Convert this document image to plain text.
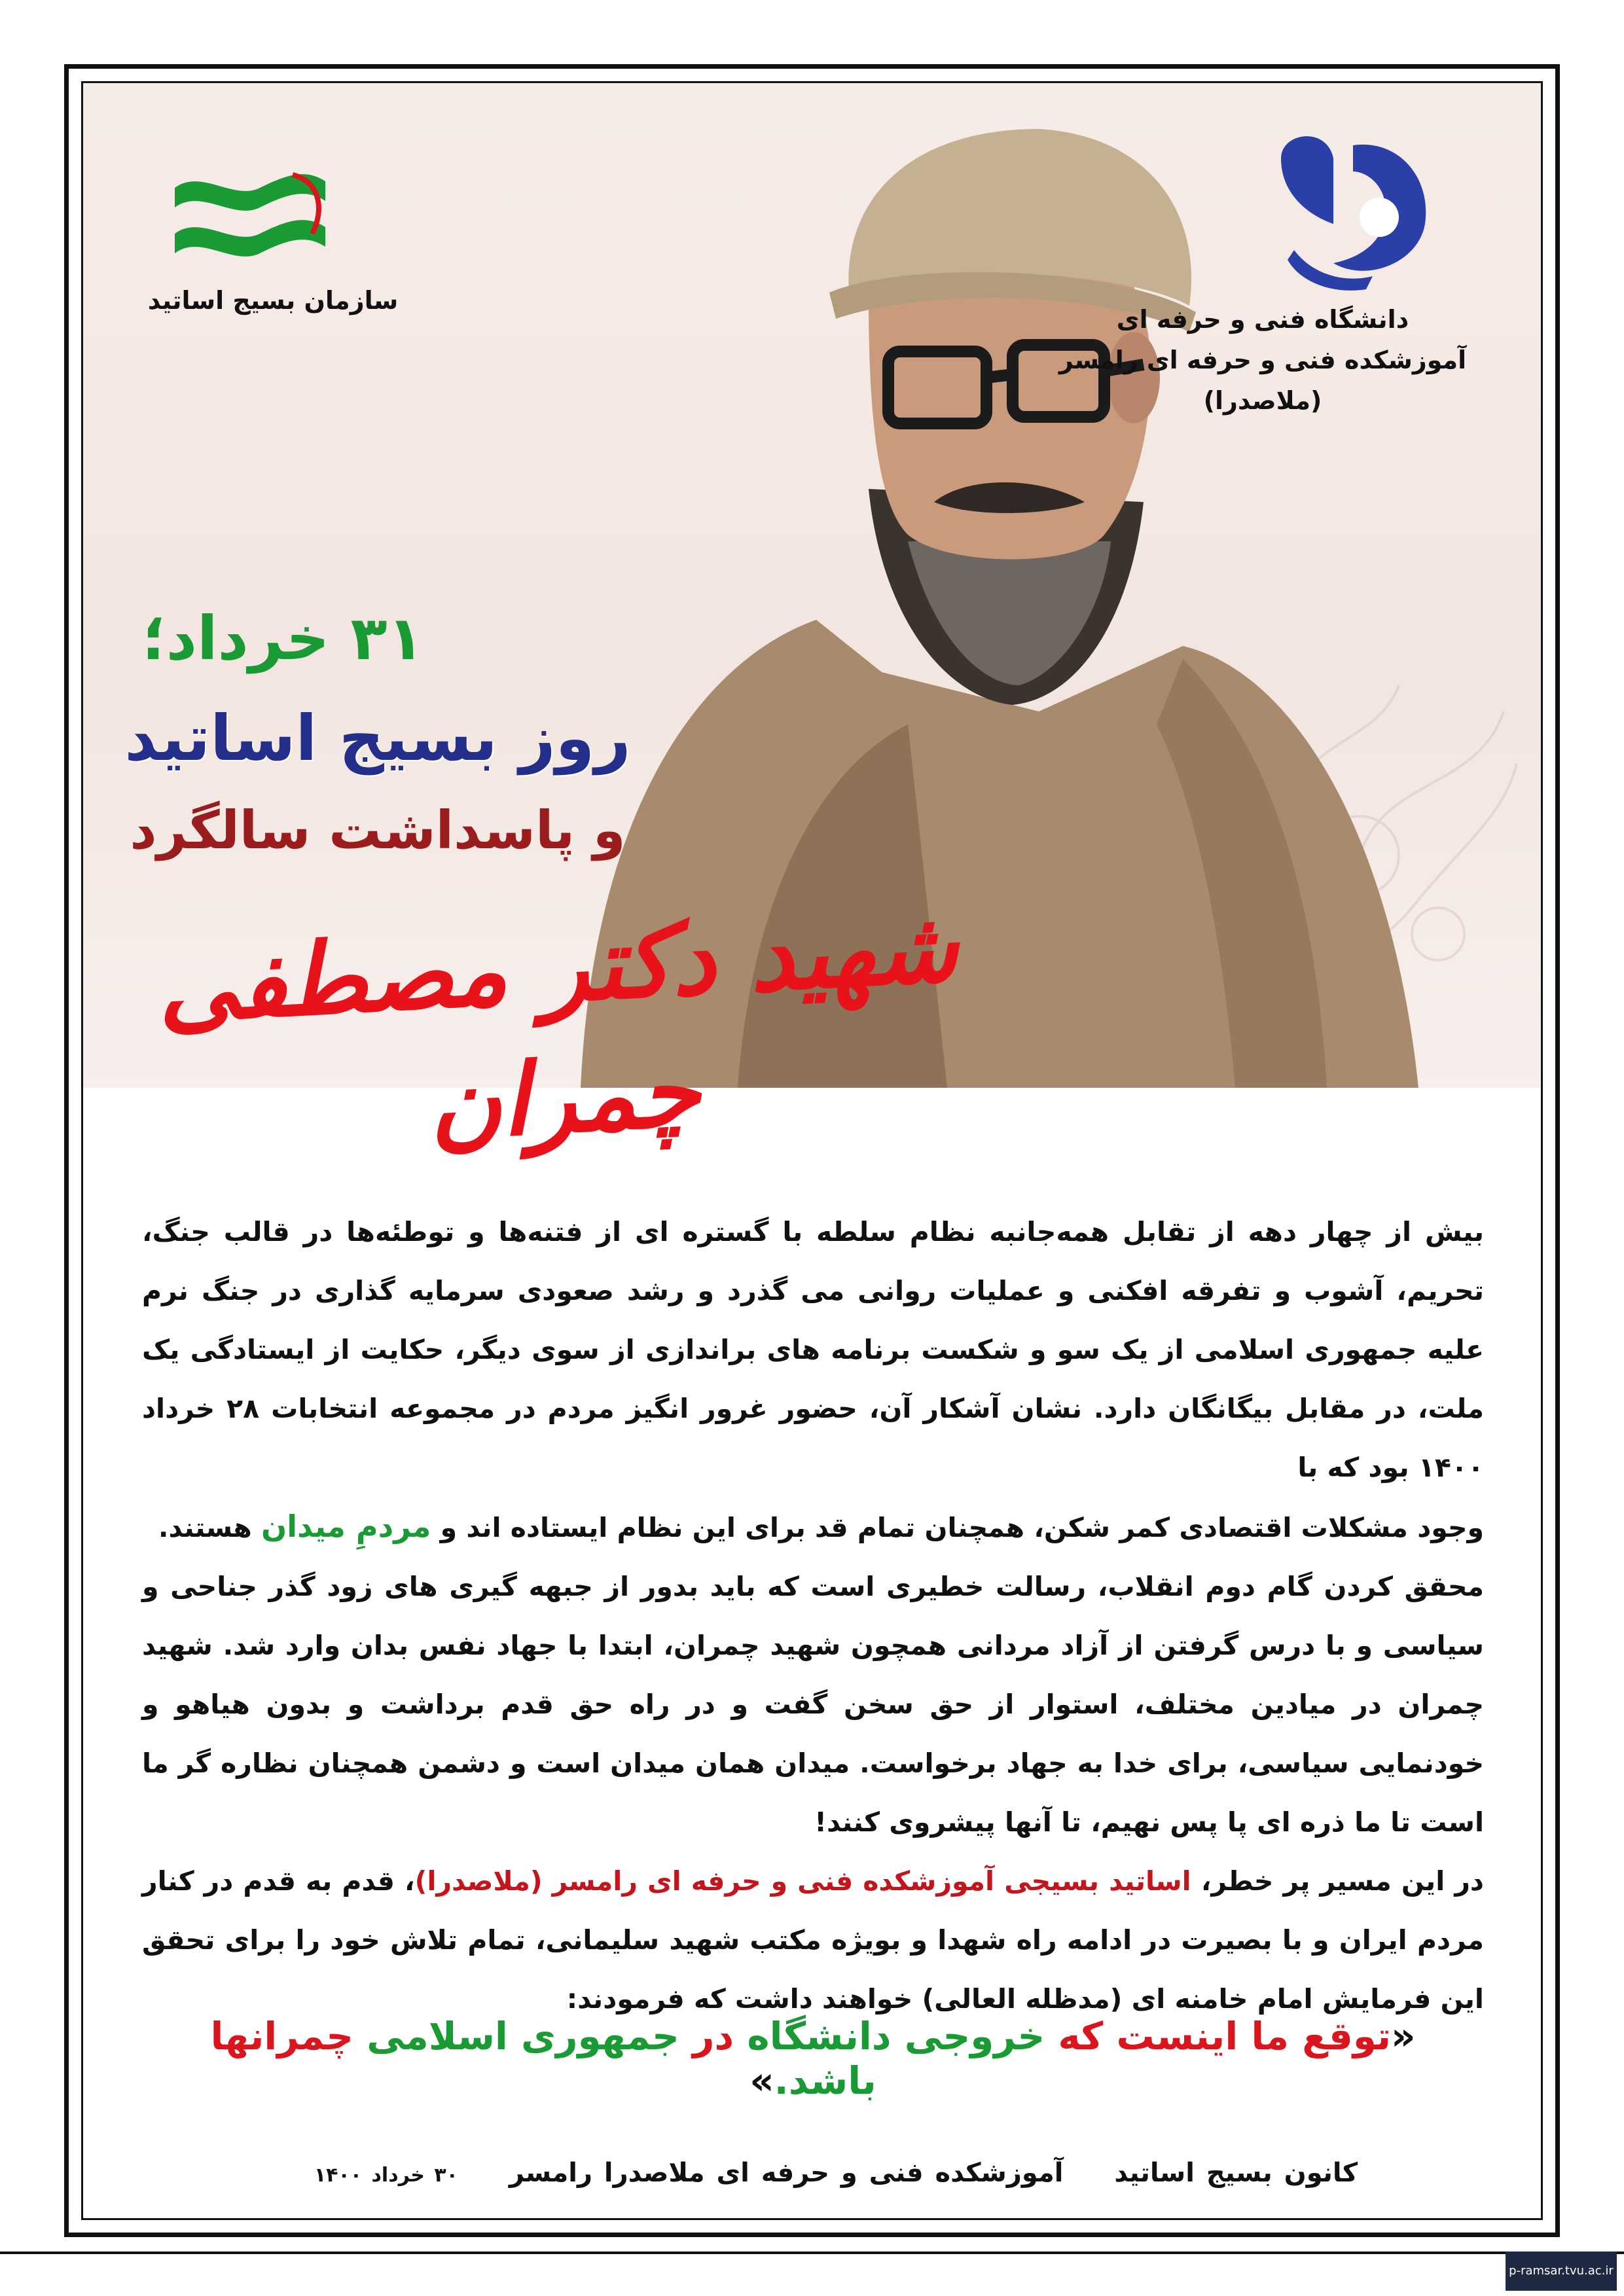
دانشگاه فنی و حرفه ای
آموزشکده فنی و حرفه ای رامسر
(ملاصدرا)
سازمان بسیج اساتید
۳۱ خرداد؛
روز بسیج اساتید
و پاسداشت سالگرد
شهید دکتر مصطفی چمران

بیش از چهار دهه از تقابل همه‌جانبه نظام سلطه با گستره ای از فتنه‌ها و توطئه‌ها در قالب جنگ، تحریم، آشوب و تفرقه افکنی و عملیات روانی می گذرد و رشد صعودی سرمایه گذاری در جنگ نرم علیه جمهوری اسلامی از یک سو و شکست برنامه های براندازی از سوی دیگر، حکایت از ایستادگی یک ملت، در مقابل بیگانگان دارد. نشان آشکار آن، حضور غرور انگیز مردم در مجموعه انتخابات ۲۸ خرداد ۱۴۰۰ بود که با

وجود مشکلات اقتصادی کمر شکن، همچنان تمام قد برای این نظام ایستاده اند و مردمِ میدان هستند.

محقق کردن گام دوم انقلاب، رسالت خطیری است که باید بدور از جبهه گیری های زود گذر جناحی و سیاسی و با درس گرفتن از آزاد مردانی همچون شهید چمران، ابتدا با جهاد نفس بدان وارد شد. شهید چمران در میادین مختلف، استوار از حق سخن گفت و در راه حق قدم برداشت و بدون هیاهو و خودنمایی سیاسی، برای خدا به جهاد برخواست. میدان همان میدان است و دشمن همچنان نظاره گر ما است تا ما ذره ای پا پس نهیم، تا آنها پیشروی کنند!

در این مسیر پر خطر، اساتید بسیجی آموزشکده فنی و حرفه ای رامسر (ملاصدرا)، قدم به قدم در کنار مردم ایران و با بصیرت در ادامه راه شهدا و بویژه مکتب شهید سلیمانی، تمام تلاش خود را برای تحقق این فرمایش امام خامنه ای (مدظله العالی) خواهند داشت که فرمودند:

«توقع ما اینست که خروجی دانشگاه در جمهوری اسلامی چمرانها باشد.»
کانون بسیج اساتید آموزشکده فنی و حرفه ای ملاصدرا رامسر ۳۰ خرداد ۱۴۰۰
p-ramsar.tvu.ac.ir
